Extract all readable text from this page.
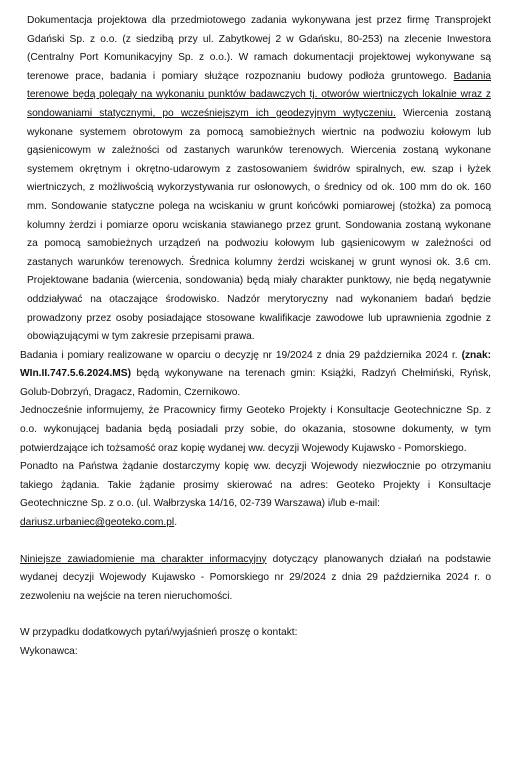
Dokumentacja projektowa dla przedmiotowego zadania wykonywana jest przez firmę Transprojekt Gdański Sp. z o.o. (z siedzibą przy ul. Zabytkowej 2 w Gdańsku, 80-253) na zlecenie Inwestora (Centralny Port Komunikacyjny Sp. z o.o.). W ramach dokumentacji projektowej wykonywane są terenowe prace, badania i pomiary służące rozpoznaniu budowy podłoża gruntowego. Badania terenowe będą polegały na wykonaniu punktów badawczych tj. otworów wiertniczych lokalnie wraz z sondowaniami statycznymi, po wcześniejszym ich geodezyjnym wytyczeniu. Wiercenia zostaną wykonane systemem obrotowym za pomocą samobieżnych wiertnic na podwoziu kołowym lub gąsienicowym w zależności od zastanych warunków terenowych. Wiercenia zostaną wykonane systemem okrętnym i okrętno-udarowym z zastosowaniem świdrów spiralnych, ew. szap i łyżek wiertniczych, z możliwością wykorzystywania rur osłonowych, o średnicy od ok. 100 mm do ok. 160 mm. Sondowanie statyczne polega na wciskaniu w grunt końcówki pomiarowej (stożka) za pomocą kolumny żerdzi i pomiarze oporu wciskania stawianego przez grunt. Sondowania zostaną wykonane za pomocą samobieżnych urządzeń na podwoziu kołowym lub gąsienicowym w zależności od zastanych warunków terenowych. Średnica kolumny żerdzi wciskanej w grunt wynosi ok. 3.6 cm. Projektowane badania (wiercenia, sondowania) będą miały charakter punktowy, nie będą negatywnie oddziaływać na otaczające środowisko. Nadzór merytoryczny nad wykonaniem badań będzie prowadzony przez osoby posiadające stosowane kwalifikacje zawodowe lub uprawnienia zgodnie z obowiązującymi w tym zakresie przepisami prawa.

Badania i pomiary realizowane w oparciu o decyzję nr 19/2024 z dnia 29 października 2024 r. (znak: WIn.II.747.5.6.2024.MS) będą wykonywane na terenach gmin: Książki, Radzyń Chełmiński, Ryńsk, Golub-Dobrzyń, Dragacz, Radomin, Czernikowo.

Jednocześnie informujemy, że Pracownicy firmy Geoteko Projekty i Konsultacje Geotechniczne Sp. z o.o. wykonującej badania będą posiadali przy sobie, do okazania, stosowne dokumenty, w tym potwierdzające ich tożsamość oraz kopię wydanej ww. decyzji Wojewody Kujawsko - Pomorskiego.

Ponadto na Państwa żądanie dostarczymy kopię ww. decyzji Wojewody niezwłocznie po otrzymaniu takiego żądania. Takie żądanie prosimy skierować na adres: Geoteko Projekty i Konsultacje Geotechniczne Sp. z o.o. (ul. Wałbrzyska 14/16, 02-739 Warszawa) i/lub e-mail:
dariusz.urbaniec@geoteko.com.pl.

Niniejsze zawiadomienie ma charakter informacyjny dotyczący planowanych działań na podstawie wydanej decyzji Wojewody Kujawsko - Pomorskiego nr 29/2024 z dnia 29 października 2024 r. o zezwoleniu na wejście na teren nieruchomości.

W przypadku dodatkowych pytań/wyjaśnień proszę o kontakt:

Wykonawca:
